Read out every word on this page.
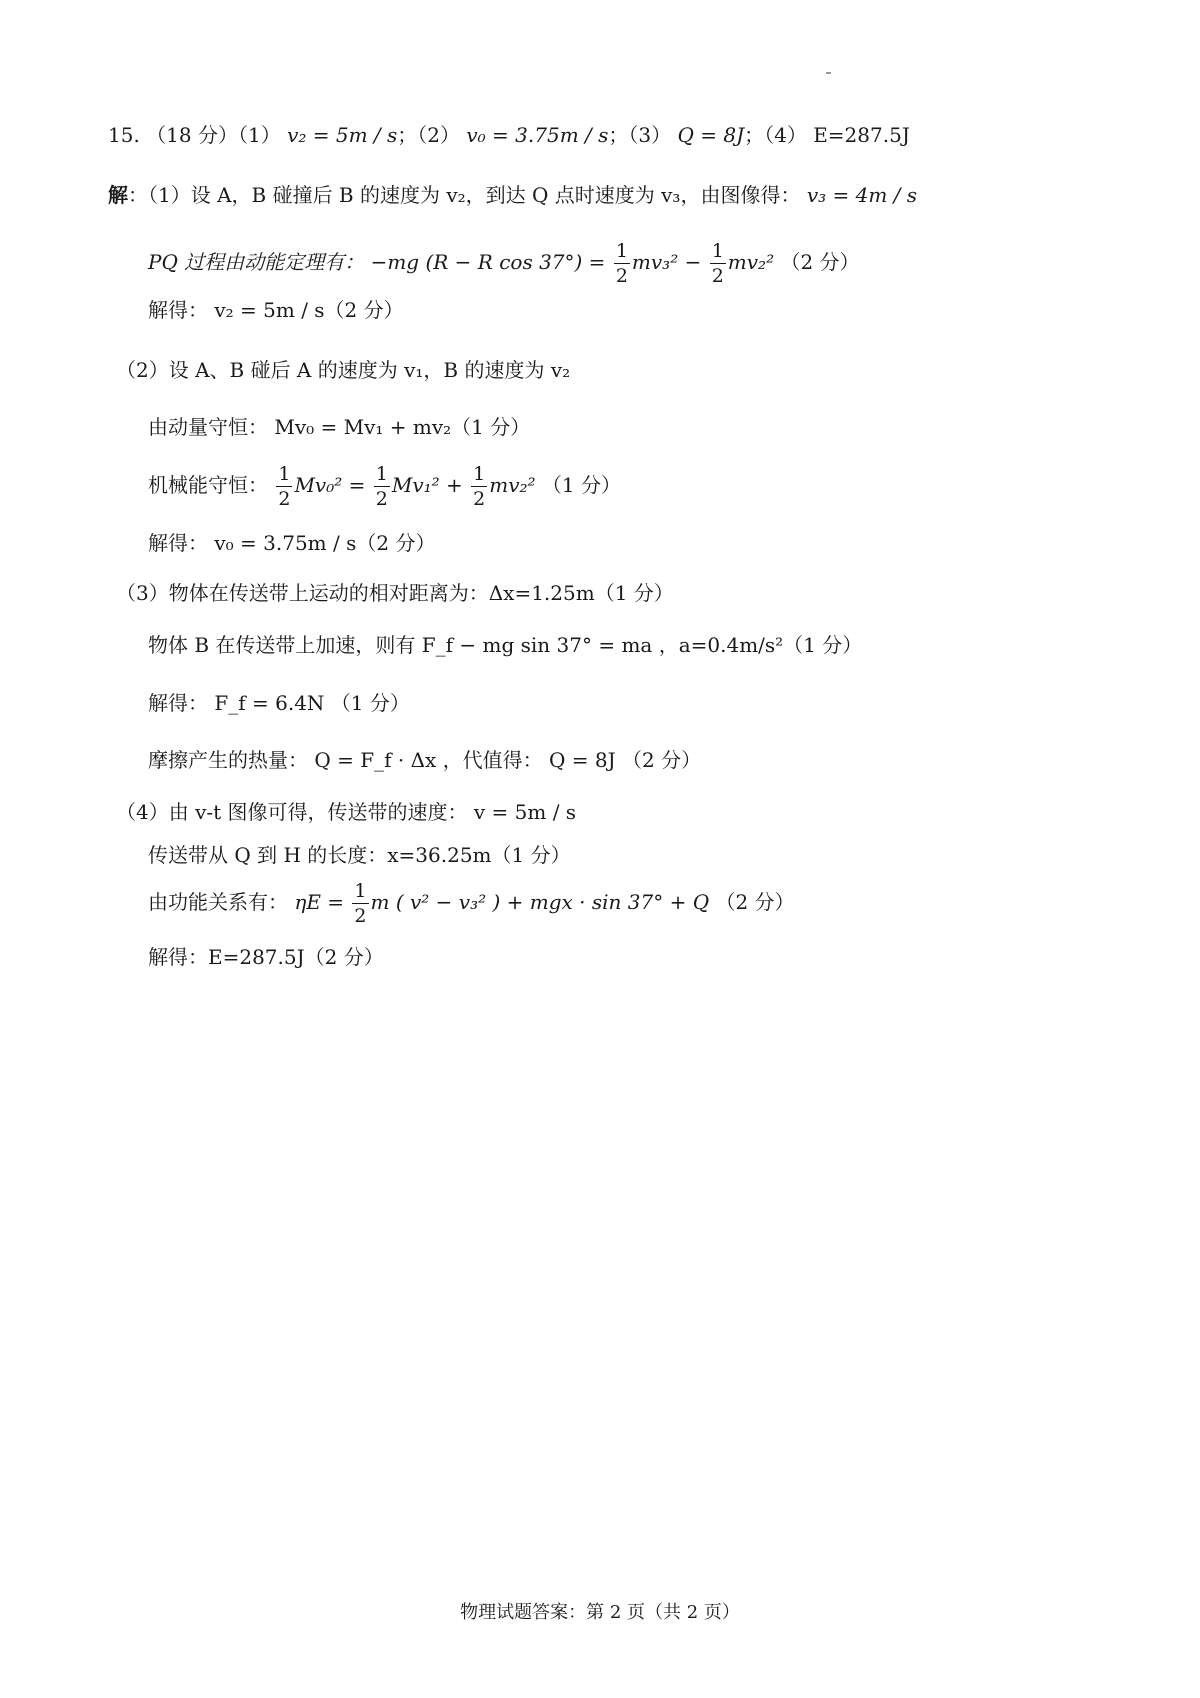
15. （18 分）（1） v₂ = 5m / s；（2） v₀ = 3.75m / s；（3） Q = 8J；（4） E=287.5J
解：（1）设 A，B 碰撞后 B 的速度为 v₂，到达 Q 点时速度为 v₃，由图像得： v₃ = 4m / s
PQ 过程由动能定理有： −mg (R − R $\cos 37^\circ) = \frac{1}{2} mv_3^2 - \frac{1}{2} mv_2^2$ （2 分）
解得： v₂ = 5m / s（2 分）
（2）设 A、B 碰后 A 的速度为 v₁，B 的速度为 v₂
由动量守恒： Mv₀ = Mv₁ + mv₂（1 分）
机械能守恒： $\frac{1}{2} Mv_0^2 = \frac{1}{2} Mv_1^2 + \frac{1}{2} mv_2^2$ （1 分）
解得： v₀ = 3.75m / s（2 分）
（3）物体在传送带上运动的相对距离为：Δx=1.25m（1 分）
物体 B 在传送带上加速，则有 F_f − mg sin 37° = ma ，a=0.4m/s²（1 分）
解得： F_f = 6.4N （1 分）
摩擦产生的热量： Q = F_f · Δx ，代值得： Q = 8J （2 分）
（4）由 v-t 图像可得，传送带的速度： v = 5m / s
传送带从 Q 到 H 的长度：x=36.25m（1 分）
由功能关系有： $\eta E = \frac{1}{2}$ m ( v² − v₃² ) + mgx · sin 37° + Q （2 分）
解得：E=287.5J（2 分）
物理试题答案：第 2 页（共 2 页）
